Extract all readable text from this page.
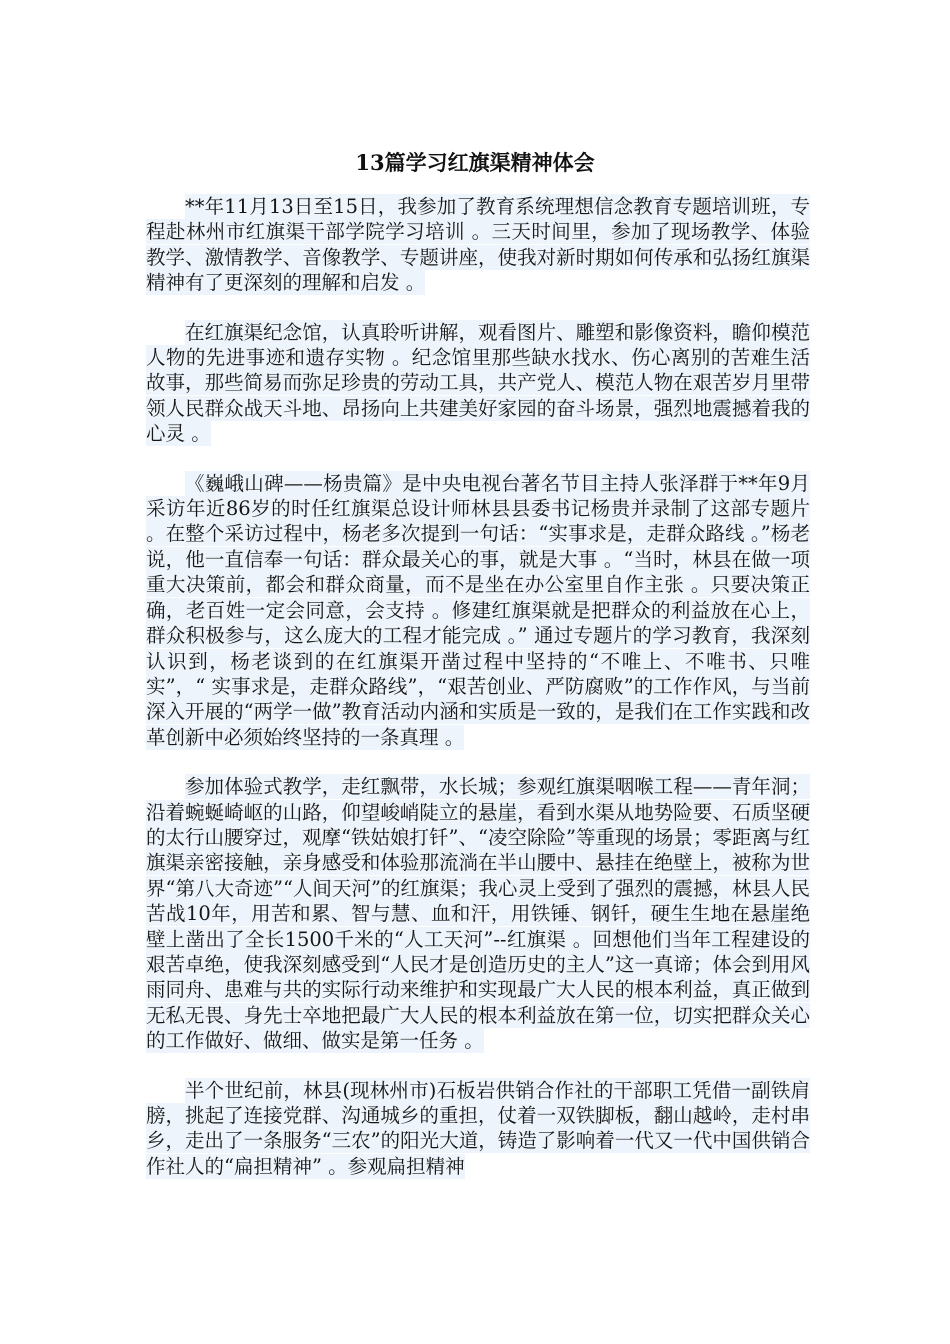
13篇学习红旗渠精神体会

**年11月13日至15日，我参加了教育系统理想信念教育专题培训班，专程赴林州市红旗渠干部学院学习培训 。三天时间里，参加了现场教学、体验教学、激情教学、音像教学、专题讲座，使我对新时期如何传承和弘扬红旗渠精神有了更深刻的理解和启发 。

在红旗渠纪念馆，认真聆听讲解，观看图片、雕塑和影像资料，瞻仰模范人物的先进事迹和遗存实物 。纪念馆里那些缺水找水、伤心离别的苦难生活故事，那些简易而弥足珍贵的劳动工具，共产党人、模范人物在艰苦岁月里带领人民群众战天斗地、昂扬向上共建美好家园的奋斗场景，强烈地震撼着我的心灵 。

《巍峨山碑——杨贵篇》是中央电视台著名节目主持人张泽群于**年9月采访年近86岁的时任红旗渠总设计师林县县委书记杨贵并录制了这部专题片 。在整个采访过程中，杨老多次提到一句话：“实事求是，走群众路线 。”杨老说，他一直信奉一句话：群众最关心的事，就是大事 。“当时，林县在做一项重大决策前，都会和群众商量，而不是坐在办公室里自作主张 。只要决策正确，老百姓一定会同意，会支持 。修建红旗渠就是把群众的利益放在心上，群众积极参与，这么庞大的工程才能完成 。” 通过专题片的学习教育，我深刻认识到，杨老谈到的在红旗渠开凿过程中坚持的“不唯上、不唯书、只唯实”，“ 实事求是，走群众路线”，“艰苦创业、严防腐败”的工作作风，与当前深入开展的“两学一做”教育活动内涵和实质是一致的，是我们在工作实践和改革创新中必须始终坚持的一条真理 。

参加体验式教学，走红飘带，水长城；参观红旗渠咽喉工程——青年洞；沿着蜿蜒崎岖的山路，仰望峻峭陡立的悬崖，看到水渠从地势险要、石质坚硬的太行山腰穿过，观摩“铁姑娘打钎”、“凌空除险”等重现的场景；零距离与红旗渠亲密接触，亲身感受和体验那流淌在半山腰中、悬挂在绝壁上，被称为世界“第八大奇迹”“人间天河”的红旗渠；我心灵上受到了强烈的震撼，林县人民苦战10年，用苦和累、智与慧、血和汗，用铁锤、钢钎，硬生生地在悬崖绝壁上凿出了全长1500千米的“人工天河”--红旗渠 。回想他们当年工程建设的艰苦卓绝，使我深刻感受到“人民才是创造历史的主人”这一真谛；体会到用风雨同舟、患难与共的实际行动来维护和实现最广大人民的根本利益，真正做到无私无畏、身先士卒地把最广大人民的根本利益放在第一位，切实把群众关心的工作做好、做细、做实是第一任务 。

半个世纪前，林县(现林州市)石板岩供销合作社的干部职工凭借一副铁肩膀，挑起了连接党群、沟通城乡的重担，仗着一双铁脚板，翻山越岭，走村串乡，走出了一条服务“三农”的阳光大道，铸造了影响着一代又一代中国供销合作社人的“扁担精神” 。参观扁担精神
